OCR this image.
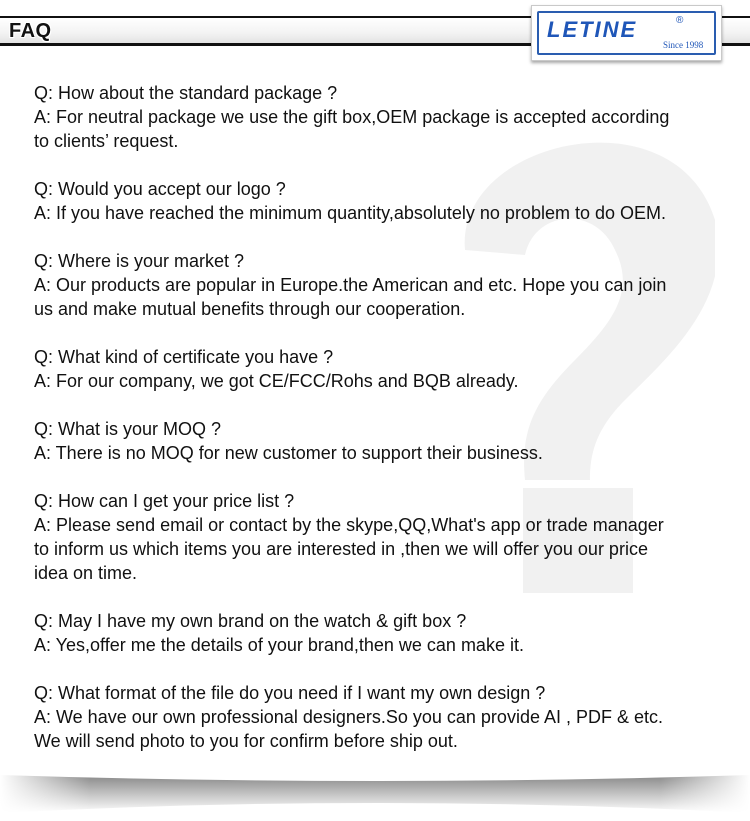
FAQ	LETINE	®
Since 1998

Q: How about the standard package ?

A: For neutral package we use the gift box,OEM package is accepted according
to clients’ request.

Q: Would you accept our logo ?

A: If you have reached the minimum quantity,absolutely no problem to do OEM.

Q: Where is your market ?

A: Our products are popular in Europe.the American and etc. Hope you can join
us and make mutual benefits through our cooperation.

Q: What kind of certificate you have ?

A: For our company, we got CE/FCC/Rohs and BQB already.

Q: What is your MOQ ?

A: There is no MOQ for new customer to support their business.

Q: How can I get your price list ?

A: Please send email or contact by the skype,QQ,What's app or trade manager
to inform us which items you are interested in ,then we will offer you our price
idea on time.

Q: May I have my own brand on the watch & gift box ?

A: Yes,offer me the details of your brand,then we can make it.

Q: What format of the file do you need if I want my own design ?

A: We have our own professional designers.So you can provide AI , PDF & etc.
We will send photo to you for confirm before ship out.
